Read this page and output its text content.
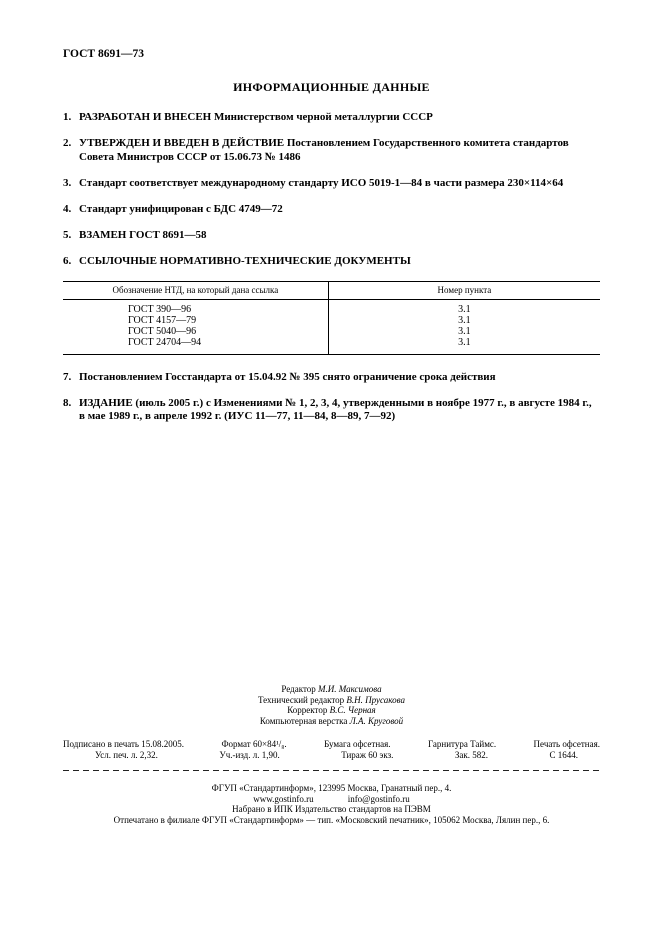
ГОСТ 8691—73
ИНФОРМАЦИОННЫЕ ДАННЫЕ
1. РАЗРАБОТАН И ВНЕСЕН Министерством черной металлургии СССР
2. УТВЕРЖДЕН И ВВЕДЕН В ДЕЙСТВИЕ Постановлением Государственного комитета стандартов Совета Министров СССР от 15.06.73 № 1486
3. Стандарт соответствует международному стандарту ИСО 5019-1—84 в части размера 230×114×64
4. Стандарт унифицирован с БДС 4749—72
5. ВЗАМЕН ГОСТ 8691—58
6. ССЫЛОЧНЫЕ НОРМАТИВНО-ТЕХНИЧЕСКИЕ ДОКУМЕНТЫ
Обозначение НТД, на который дана ссылка	Номер пункта
ГОСТ 390—96	3.1
ГОСТ 4157—79	3.1
ГОСТ 5040—96	3.1
ГОСТ 24704—94	3.1
7. Постановлением Госстандарта от 15.04.92 № 395 снято ограничение срока действия
8. ИЗДАНИЕ (июль 2005 г.) с Изменениями № 1, 2, 3, 4, утвержденными в ноябре 1977 г., в августе 1984 г., в мае 1989 г., в апреле 1992 г. (ИУС 11—77, 11—84, 8—89, 7—92)
Редактор М.И. Максимова
Технический редактор В.Н. Прусакова
Корректор В.С. Черная
Компьютерная верстка Л.А. Круговой
Подписано в печать 15.08.2005.	Формат 60×84¹/₈.	Бумага офсетная.	Гарнитура Таймс.	Печать офсетная.
Усл. печ. л. 2,32.	Уч.-изд. л. 1,90.	Тираж 60 экз.	Зак. 582.	С 1644.
ФГУП «Стандартинформ», 123995 Москва, Гранатный пер., 4.
www.gostinfo.ru	info@gostinfo.ru
Набрано в ИПК Издательство стандартов на ПЭВМ
Отпечатано в филиале ФГУП «Стандартинформ» — тип. «Московский печатник», 105062 Москва, Лялин пер., 6.
